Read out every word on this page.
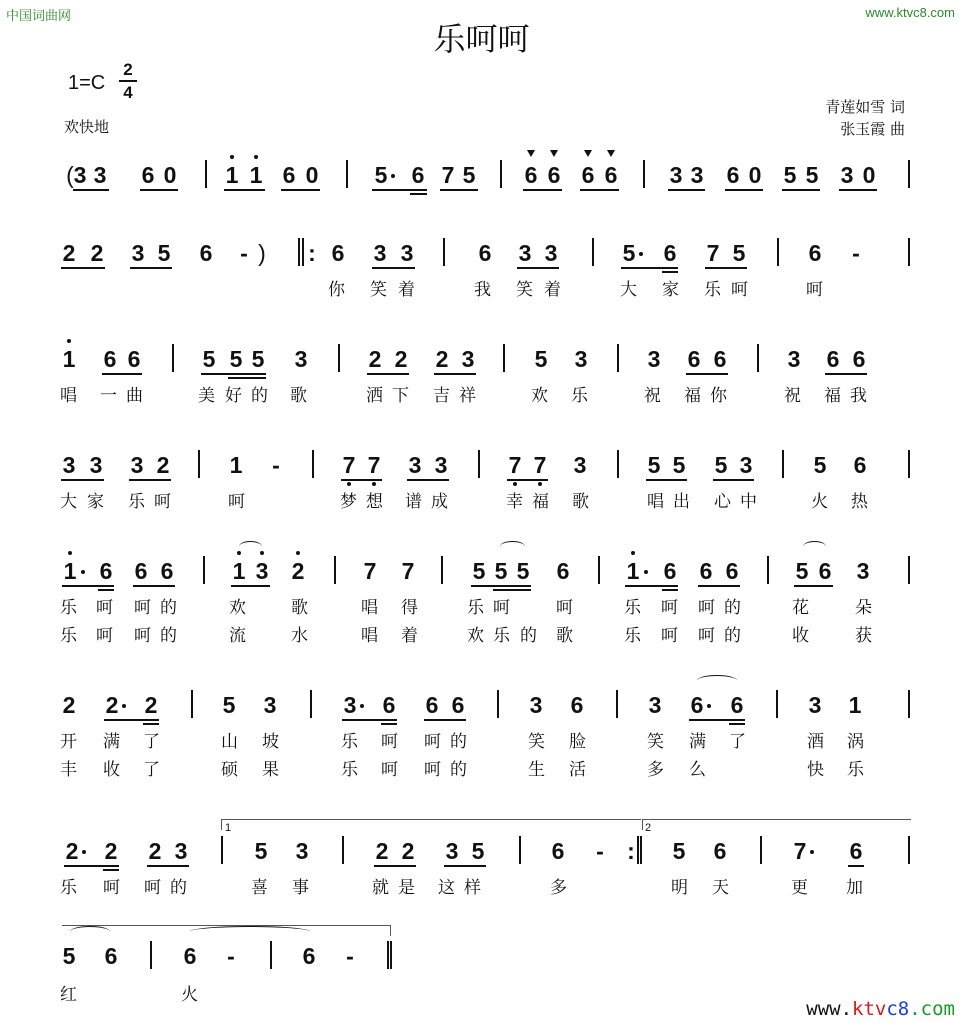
中国词曲网	www.ktvc8.com
乐呵呵
1=C
2
4
欢快地
青莲如雪 词
张玉霞 曲
( 3 3 6 0 1 1 6 0 5 6 7 5 6 6 6 6 3 3 6 0 5 5 3 0
2 2 3 5 6 - ) : 6 3 3	6 3 3	5 6 7 5	6 -
你 笑 着	我 笑 着	大 家 乐 呵	呵
1 6 6	5 5 5 3	2 2 2 3	5 3	3 6 6	3 6 6
唱 一 曲	美 好 的 歌	洒 下 吉 祥	欢 乐	祝 福 你	祝 福 我
3 3 3 2	1 -	7 7 3 3	7 7 3	5 5 5 3	5 6
大 家 乐 呵	呵	梦 想 谱 成	幸 福 歌	唱 出 心 中	火 热
1 6 6 6	1 3 2	7 7	5 5 5 6 1 6 6 6 5 6 3
乐 呵 呵 的	欢	歌	唱 得	乐 呵	呵	乐 呵 呵 的	花	朵
乐 呵 呵 的	流	水	唱 着	欢 乐 的 歌	乐 呵 呵 的	收	获
2 2 2	5 3	3 6 6 6	3 6	3 6 6	3 1
开 满 了	山 坡	乐 呵 呵 的	笑 脸	笑 满 了	酒 涡
丰 收 了	硕 果	乐 呵 呵 的	生 活	多 么	快 乐
2 2 2 3
1
5 3	2 2 3 5	6 - :
2
5 6	7 6
乐 呵 呵 的	喜 事	就 是 这 样	多	明 天	更 加
5 6	6 -	6 -
红	火
www.ktvc8.com
